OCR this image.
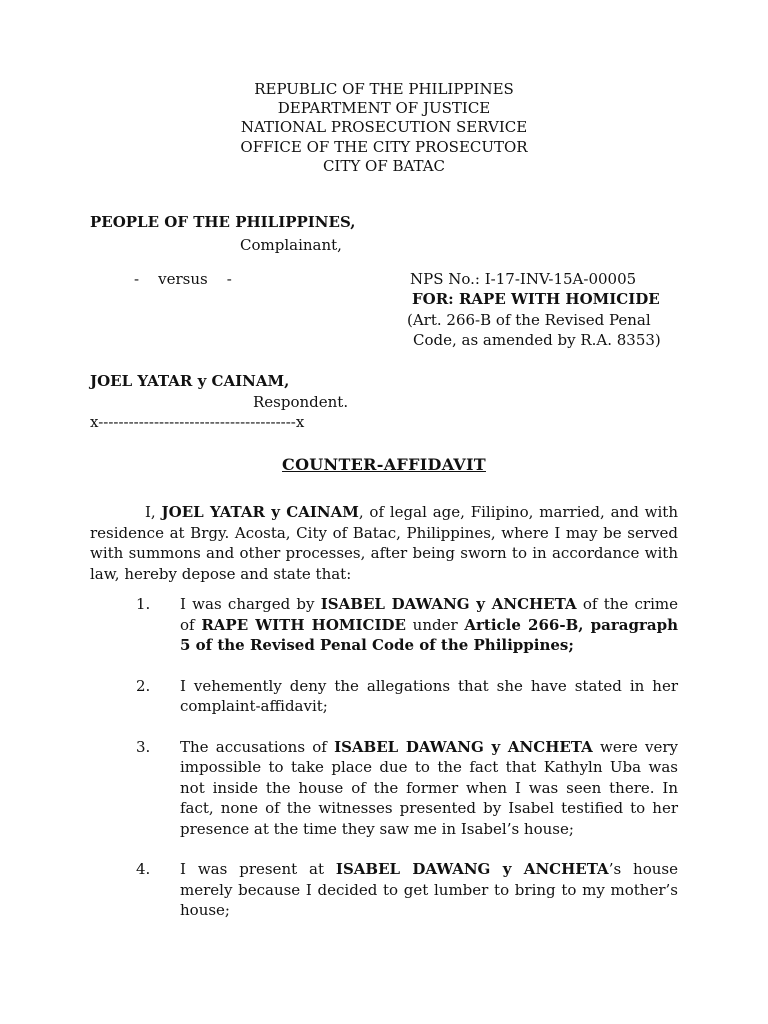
REPUBLIC OF THE PHILIPPINES
DEPARTMENT OF JUSTICE
NATIONAL PROSECUTION SERVICE
OFFICE OF THE CITY PROSECUTOR
CITY OF BATAC
PEOPLE OF THE PHILIPPINES,
Complainant,
-    versus    -	NPS No.: I-17-INV-15A-00005
FOR: RAPE WITH HOMICIDE
(Art. 266-B of the Revised Penal
Code, as amended by R.A. 8353)
JOEL YATAR y CAINAM,
Respondent.
x---------------------------------------x
COUNTER-AFFIDAVIT
I, JOEL YATAR y CAINAM, of legal age, Filipino, married, and with residence at Brgy. Acosta, City of Batac, Philippines, where I may be served with summons and other processes, after being sworn to in accordance with law, hereby depose and state that:
1. I was charged by ISABEL DAWANG y ANCHETA of the crime of RAPE WITH HOMICIDE under Article 266-B, paragraph 5 of the Revised Penal Code of the Philippines;
2. I vehemently deny the allegations that she have stated in her complaint-affidavit;
3. The accusations of ISABEL DAWANG y ANCHETA were very impossible to take place due to the fact that Kathyln Uba was not inside the house of the former when I was seen there. In fact, none of the witnesses presented by Isabel testified to her presence at the time they saw me in Isabel’s house;
4. I was present at ISABEL DAWANG y ANCHETA’s house merely because I decided to get lumber to bring to my mother’s house;
